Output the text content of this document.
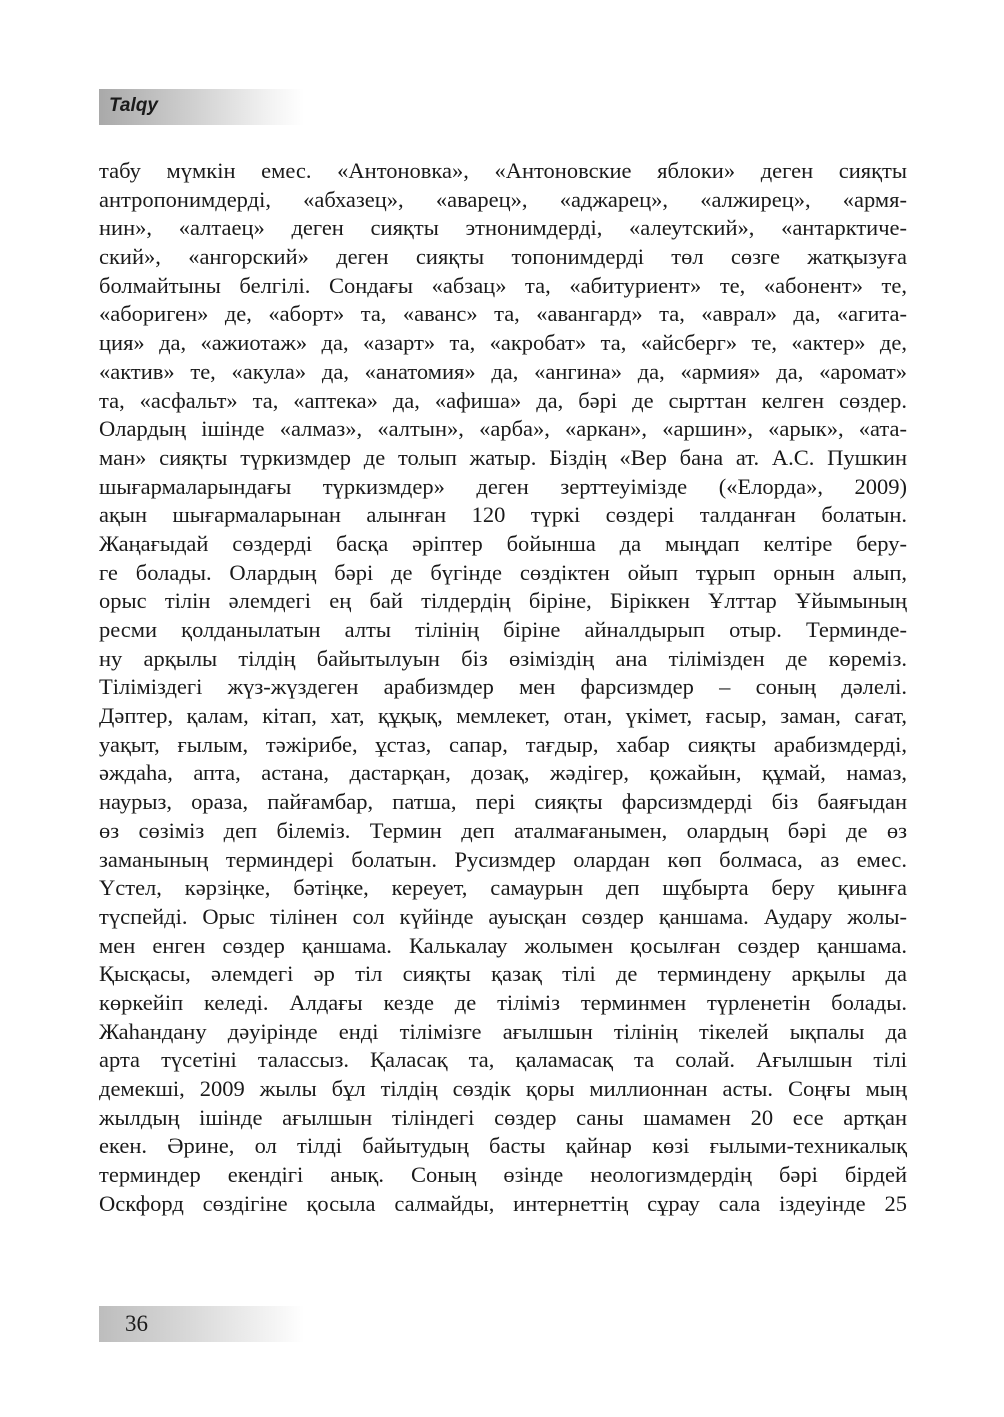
Talqy
табу мүмкін емес. «Антоновка», «Антоновские яблоки» деген сияқты
антропонимдерді, «абхазец», «аварец», «аджарец», «алжирец», «армя-
нин», «алтаец» деген сияқты этнонимдерді, «алеутский», «антарктиче-
ский», «ангорский» деген сияқты топонимдерді төл сөзге жатқызуға
болмайтыны белгілі. Сондағы «абзац» та, «абитуриент» те, «абонент» те,
«абориген» де, «аборт» та, «аванс» та, «авангард» та, «аврал» да, «агита-
ция» да, «ажиотаж» да, «азарт» та, «акробат» та, «айсберг» те, «актер» де,
«актив» те, «акула» да, «анатомия» да, «ангина» да, «армия» да, «аромат»
та, «асфальт» та, «аптека» да, «афиша» да, бәрі де сырттан келген сөздер.
Олардың ішінде «алмаз», «алтын», «арба», «аркан», «аршин», «арык», «ата-
ман» сияқты түркизмдер де толып жатыр. Біздің «Вер бана ат. А.С. Пушкин
шығармаларындағы түркизмдер» деген зерттеуімізде («Елорда», 2009)
ақын шығармаларынан алынған 120 түркі сөздері талданған болатын.
Жаңағыдай сөздерді басқа әріптер бойынша да мыңдап келтіре беру-
ге болады. Олардың бәрі де бүгінде сөздіктен ойып тұрып орнын алып,
орыс тілін әлемдегі ең бай тілдердің біріне, Біріккен Ұлттар Ұйымының
ресми қолданылатын алты тілінің біріне айналдырып отыр. Терминде-
ну арқылы тілдің байытылуын біз өзіміздің ана тілімізден де көреміз.
Тіліміздегі жүз-жүздеген арабизмдер мен фарсизмдер – соның дәлелі.
Дәптер, қалам, кітап, хат, құқық, мемлекет, отан, үкімет, ғасыр, заман, сағат,
уақыт, ғылым, тәжірибе, ұстаз, сапар, тағдыр, хабар сияқты арабизмдерді,
әждаһа, апта, астана, дастарқан, дозақ, жәдігер, қожайын, құмай, намаз,
наурыз, ораза, пайғамбар, патша, пері сияқты фарсизмдерді біз баяғыдан
өз сөзіміз деп білеміз. Термин деп аталмағанымен, олардың бәрі де өз
заманының терминдері болатын. Русизмдер олардан көп болмаса, аз емес.
Үстел, кәрзіңке, бәтіңке, кереует, самаурын деп шұбырта беру қиынға
түспейді. Орыс тілінен сол күйінде ауысқан сөздер қаншама. Аудару жолы-
мен енген сөздер қаншама. Калькалау жолымен қосылған сөздер қаншама.
Қысқасы, әлемдегі әр тіл сияқты қазақ тілі де терминдену арқылы да
көркейіп келеді. Алдағы кезде де тіліміз терминмен түрленетін болады.
Жаһандану дәуірінде енді тілімізге ағылшын тілінің тікелей ықпалы да
арта түсетіні талассыз. Қаласақ та, қаламасақ та солай. Ағылшын тілі
демекші, 2009 жылы бұл тілдің сөздік қоры миллионнан асты. Соңғы мың
жылдың ішінде ағылшын тіліндегі сөздер саны шамамен 20 есе артқан
екен. Әрине, ол тілді байытудың басты қайнар көзі ғылыми-техникалық
терминдер екендігі анық. Соның өзінде неологизмдердің бәрі бірдей
Оскфорд сөздігіне қосыла салмайды, интернеттің сұрау сала іздеуінде 25
36
